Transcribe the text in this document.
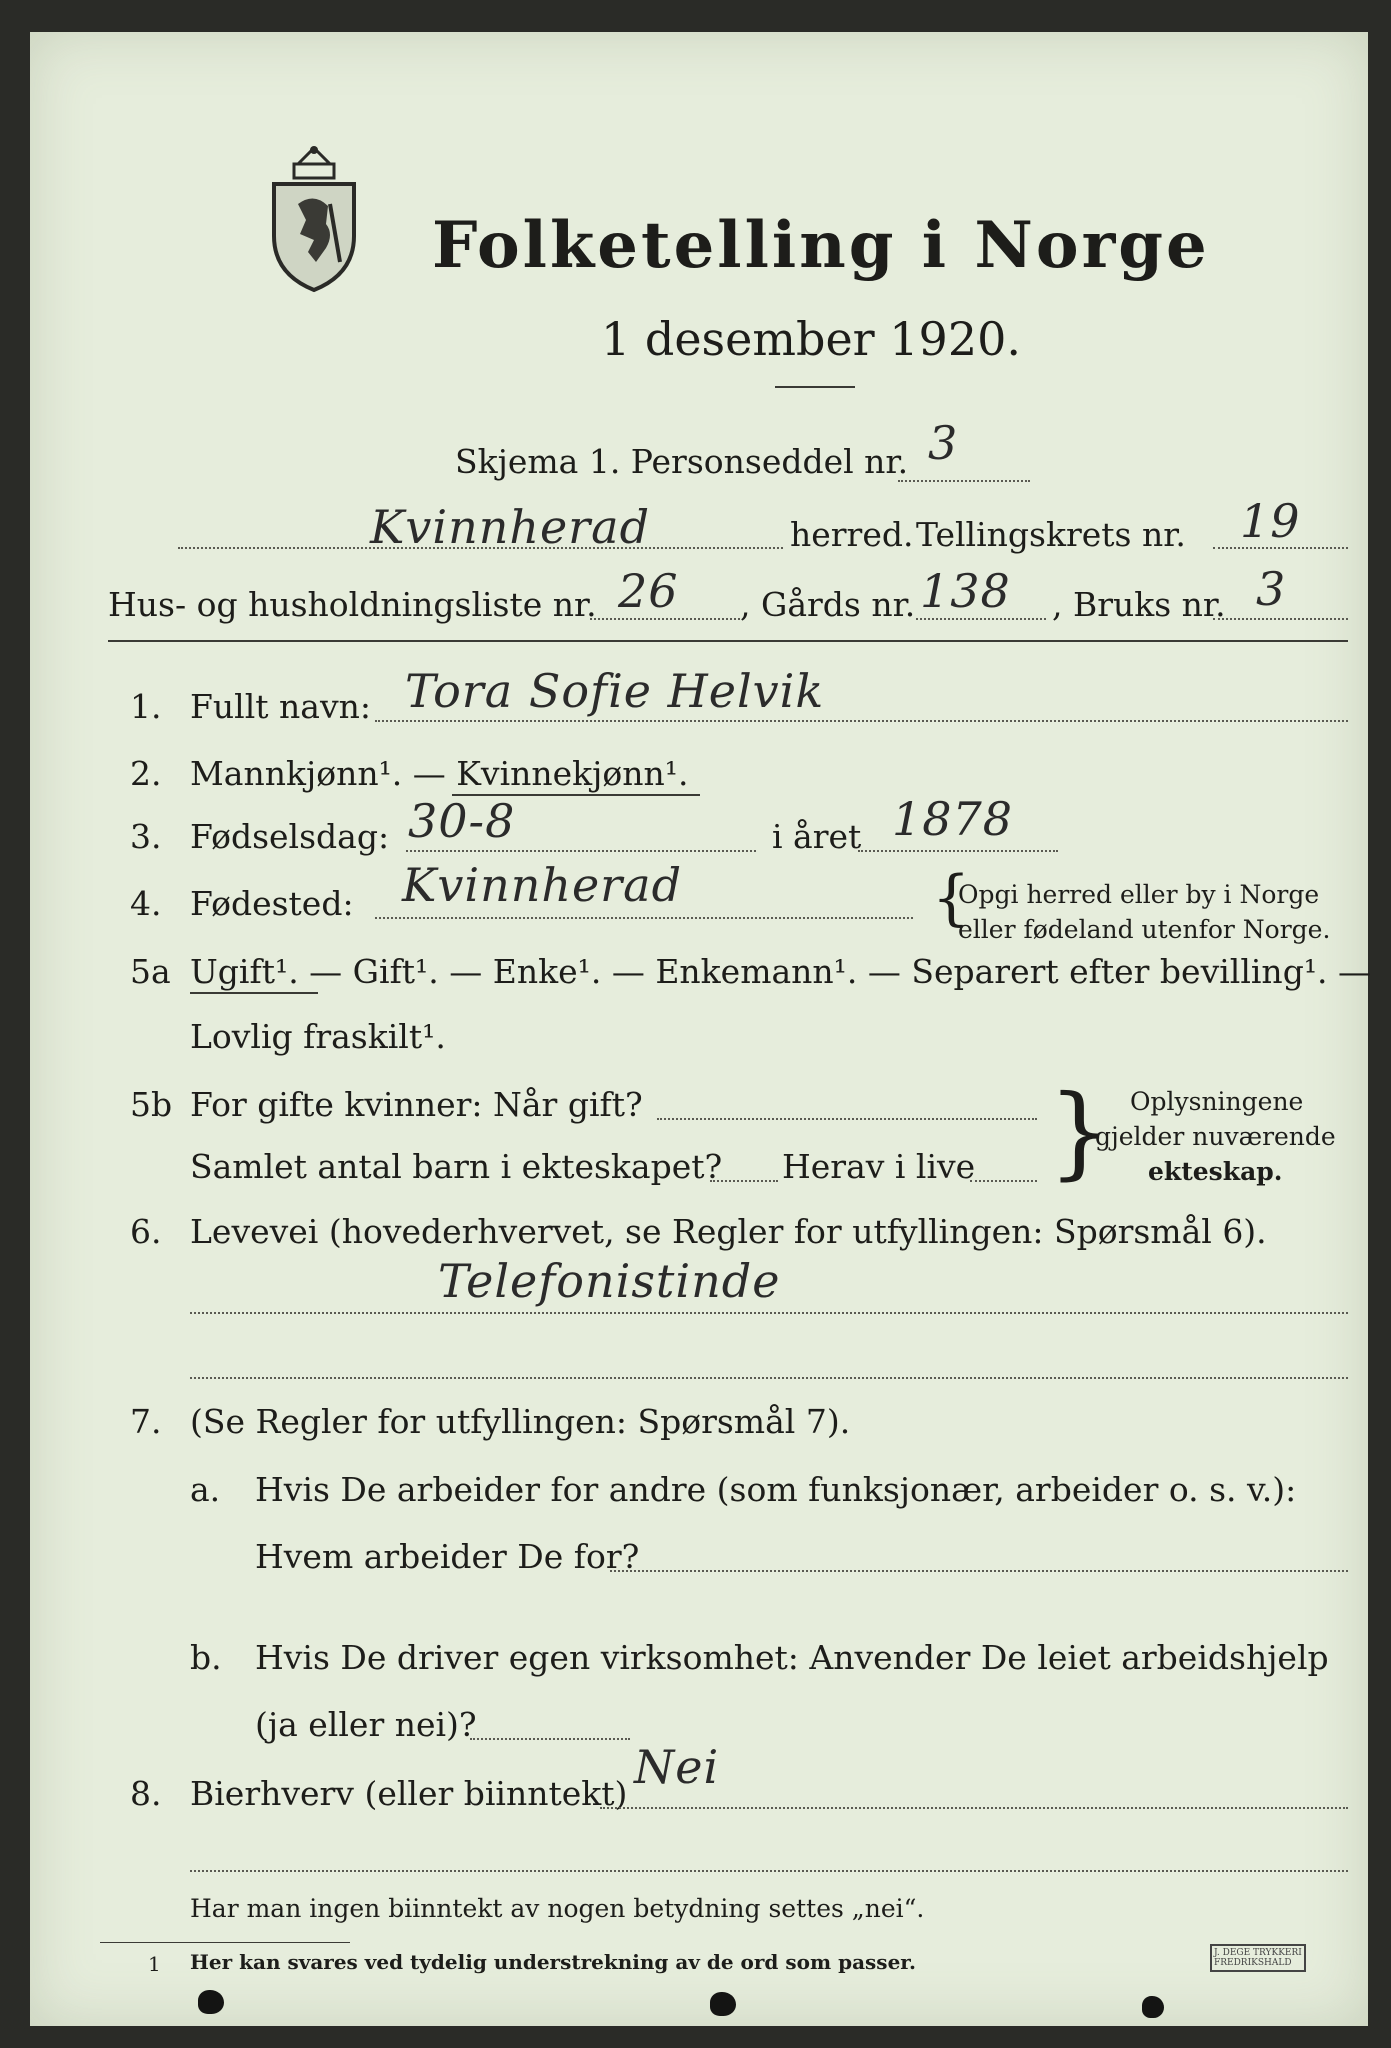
Folketelling i Norge
1 desember 1920.
Skjema 1. Personseddel nr. 3
Kvinnherad	herred. Tellingskrets nr. 19
Hus- og husholdningsliste nr. 26 , Gårds nr. 138 , Bruks nr. 3
1. Fullt navn: Tora Sofie Helvik
2. Mannkjønn¹. — Kvinnekjønn¹.
3. Fødselsdag: 30-8	i året 1878
4. Fødested: Kvinnherad	{
Opgi herred eller by i Norge
eller fødeland utenfor Norge.
5a Ugift¹. — Gift¹. — Enke¹. — Enkemann¹. — Separert efter bevilling¹. —
Lovlig fraskilt¹.
5b For gifte kvinner: Når gift?
Samlet antal barn i ekteskapet? Herav i live } Oplysningene
gjelder nuværende
ekteskap.
6. Levevei (hovederhvervet, se Regler for utfyllingen: Spørsmål 6).
Telefonistinde
7. (Se Regler for utfyllingen: Spørsmål 7).
a. Hvis De arbeider for andre (som funksjonær, arbeider o. s. v.):
Hvem arbeider De for?
b. Hvis De driver egen virksomhet: Anvender De leiet arbeidshjelp
(ja eller nei)?
8. Bierhverv (eller biinntekt) Nei
Har man ingen biinntekt av nogen betydning settes „nei“.
1 Her kan svares ved tydelig understrekning av de ord som passer.	J. DEGE TRYKKERI
FREDRIKSHALD
